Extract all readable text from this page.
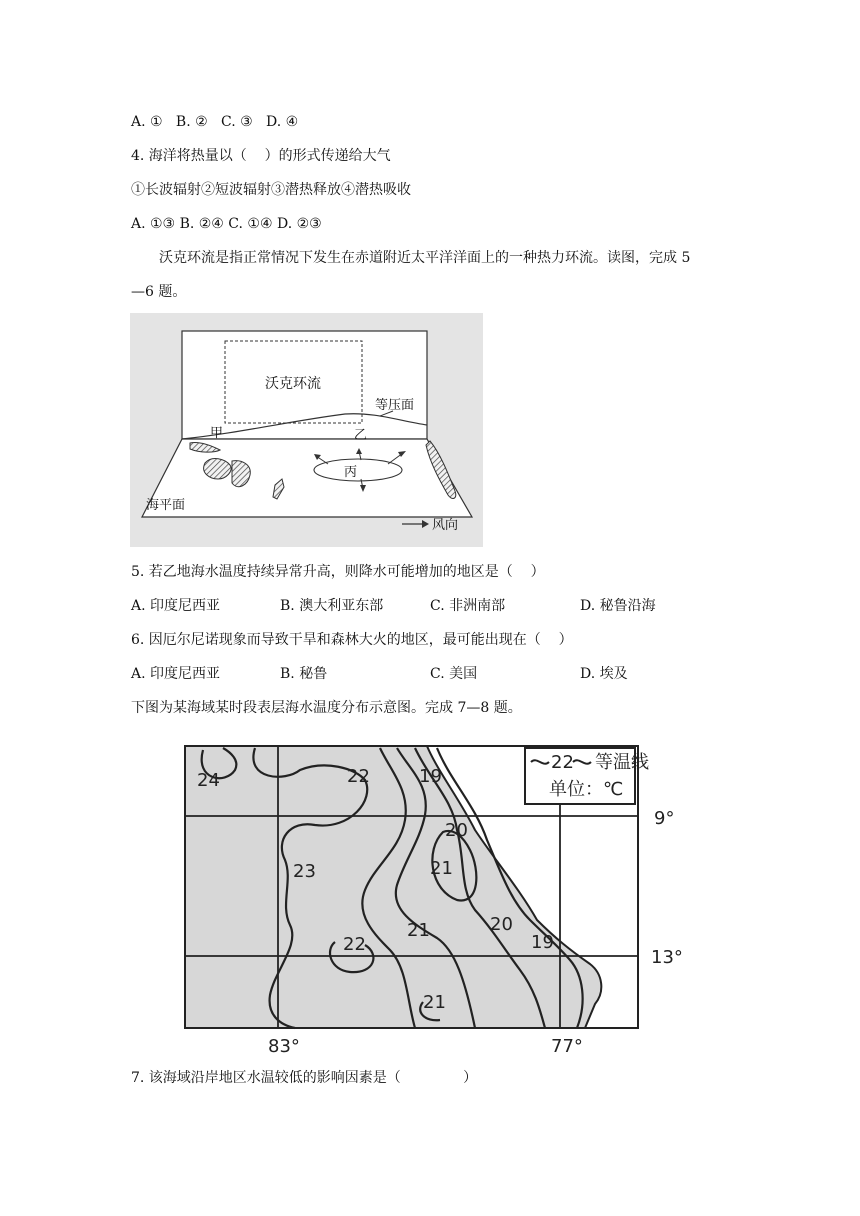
A. ①   B. ②   C. ③   D. ④
4. 海洋将热量以（    ）的形式传递给大气
①长波辐射②短波辐射③潜热释放④潜热吸收
A. ①③ B. ②④ C. ①④ D. ②③
沃克环流是指正常情况下发生在赤道附近太平洋洋面上的一种热力环流。读图，完成 5
—6 题。
沃克环流
等压面
甲	乙
丙
海平面
风向
5. 若乙地海水温度持续异常升高，则降水可能增加的地区是（    ）
A. 印度尼西亚	B. 澳大利亚东部	C. 非洲南部	D. 秘鲁沿海
6. 因厄尔尼诺现象而导致干旱和森林大火的地区，最可能出现在（    ）
A. 印度尼西亚	B. 秘鲁	C. 美国	D. 埃及
下图为某海域某时段表层海水温度分布示意图。完成 7—8 题。
22 等温线
单位：℃
9°
13°
83°	77°
24	22	19
20
21
23
21	20
19
22
21
7. 该海域沿岸地区水温较低的影响因素是（              ）
